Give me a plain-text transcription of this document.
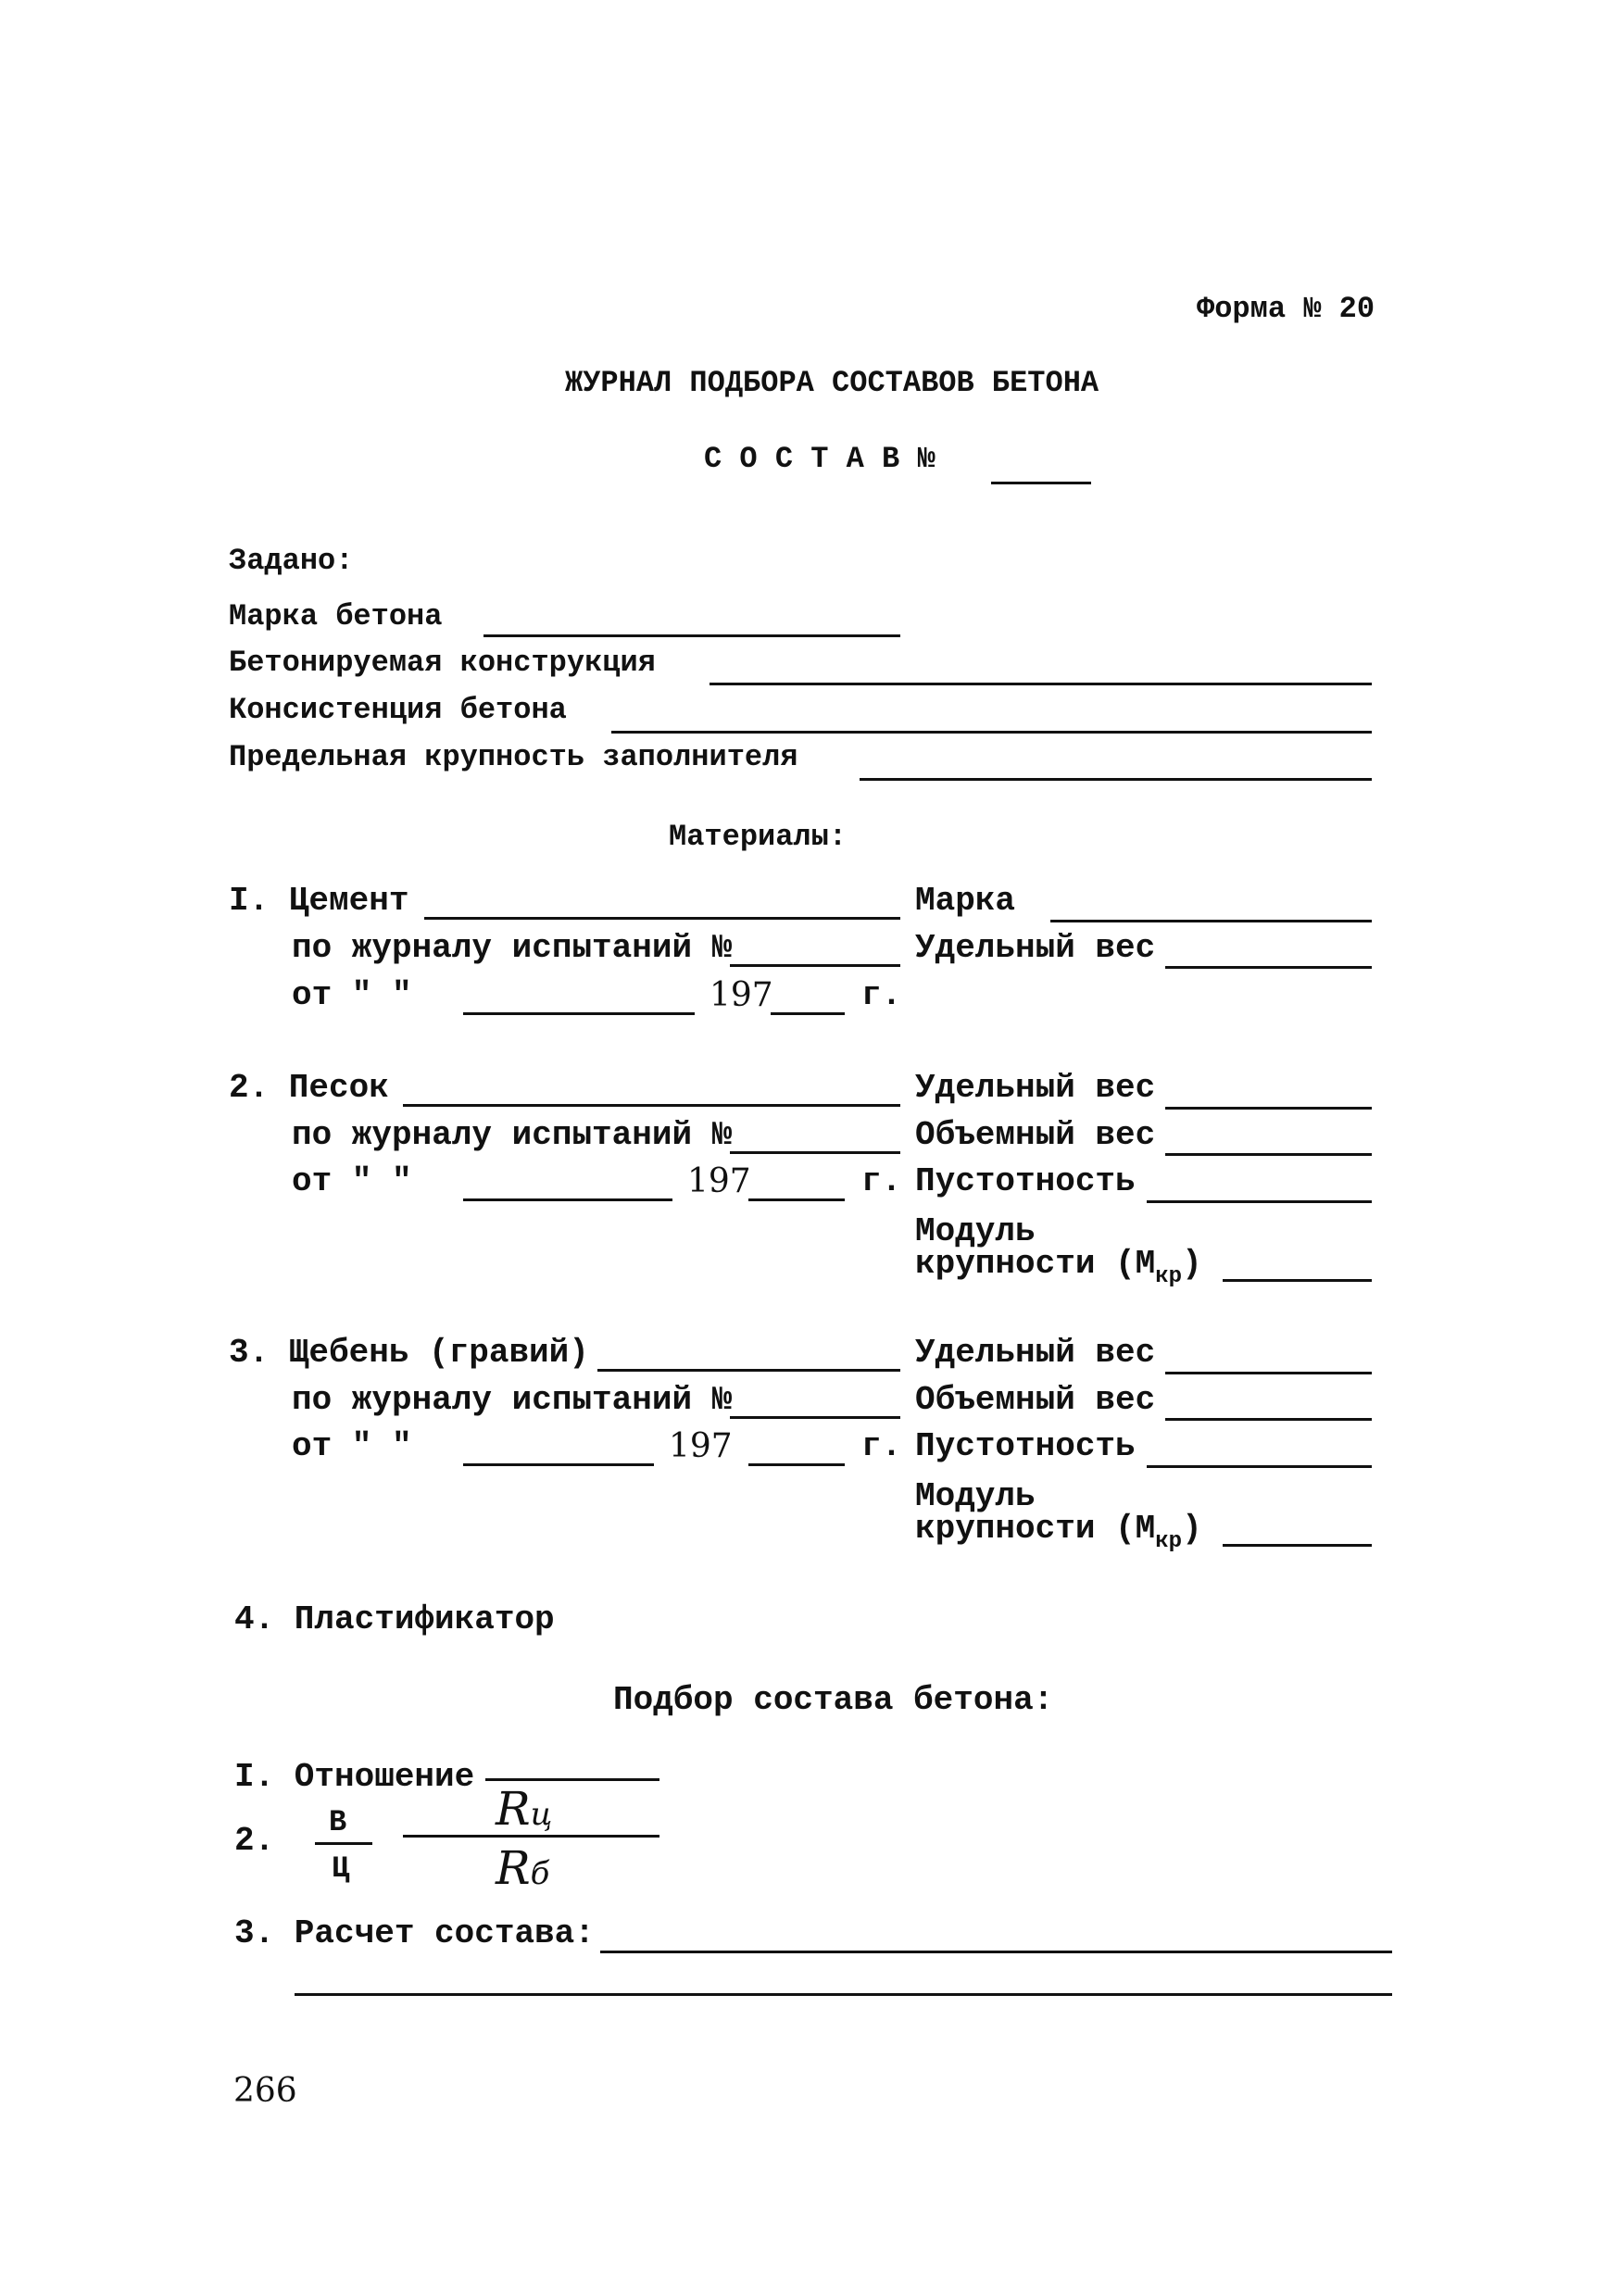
Форма № 20
ЖУРНАЛ ПОДБОРА СОСТАВОВ БЕТОНА
С О С Т А В №
Задано:
Марка бетона
Бетонируемая конструкция
Консистенция бетона
Предельная крупность заполнителя
Материалы:
I. Цемент	Марка
по журналу испытаний №	Удельный вес
от " "	197	г.
2. Песок	Удельный вес
по журналу испытаний №	Объемный вес
от " "	197	г. Пустотность
Модуль
крупности $(М_{кр})$
3. Щебень (гравий)	Удельный вес
по журналу испытаний №	Объемный вес
от " "	197	г. Пустотность
Модуль
крупности $(М_{кр})$
4. Пластификатор
Подбор состава бетона:
I. Отношение
2. В
Ц
Rц
Rб
3. Расчет состава:
266
